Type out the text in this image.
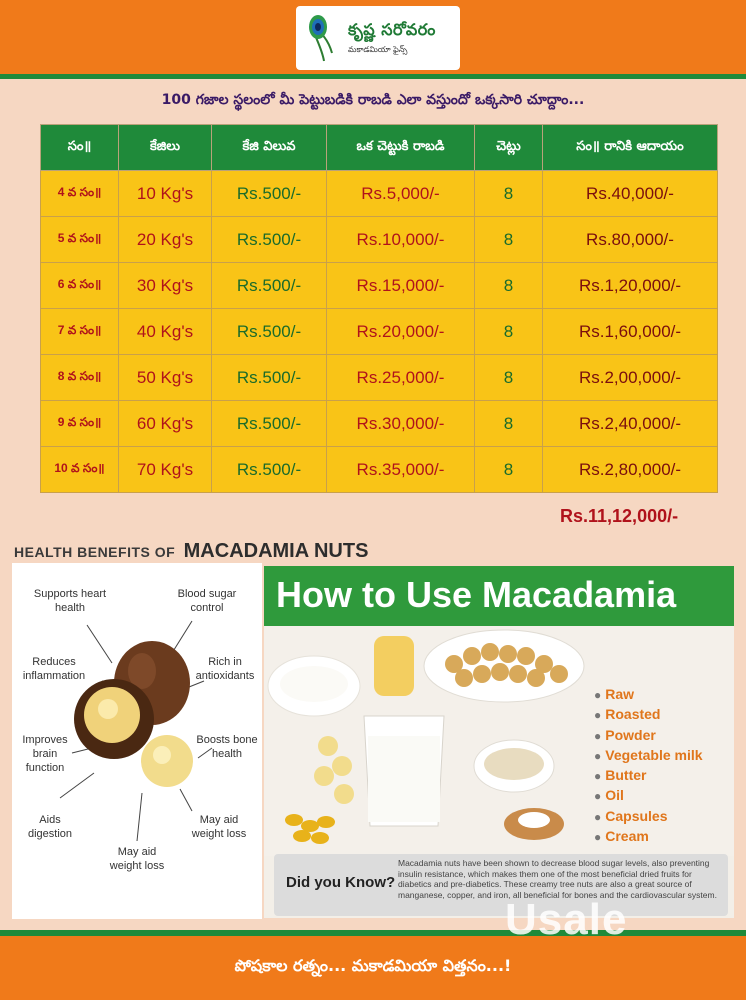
కృష్ణ సరోవరం
మకాడమియా ఫైన్స్
100 గజాల స్థలంలో మీ పెట్టుబడికి రాబడి ఎలా వస్తుందో ఒక్కసారి చూద్దాం...
సం॥	కేజిలు	కేజి విలువ	ఒక చెట్టుకి రాబడి	చెట్లు	సం॥ రానికి ఆదాయం
4 వ సం॥	10 Kg's	Rs.500/-	Rs.5,000/-	8	Rs.40,000/-
5 వ సం॥	20 Kg's	Rs.500/-	Rs.10,000/-	8	Rs.80,000/-
6 వ సం॥	30 Kg's	Rs.500/-	Rs.15,000/-	8	Rs.1,20,000/-
7 వ సం॥	40 Kg's	Rs.500/-	Rs.20,000/-	8	Rs.1,60,000/-
8 వ సం॥	50 Kg's	Rs.500/-	Rs.25,000/-	8	Rs.2,00,000/-
9 వ సం॥	60 Kg's	Rs.500/-	Rs.30,000/-	8	Rs.2,40,000/-
10 వ సం॥	70 Kg's	Rs.500/-	Rs.35,000/-	8	Rs.2,80,000/-
Rs.11,12,000/-
HEALTH BENEFITS OF MACADAMIA NUTS
Supports heart health
Blood sugar control
Reduces inflammation
Rich in antioxidants
Improves brain function
Boosts bone health
Aids digestion
May aid weight loss
May aid weight loss
How to Use Macadamia
● Raw
● Roasted
● Powder
● Vegetable milk
● Butter
● Oil
● Capsules
● Cream
Did you Know?
Macadamia nuts have been shown to decrease blood sugar levels, also preventing insulin resistance, which makes them one of the most beneficial dried fruits for diabetics and pre-diabetics. These creamy tree nuts are also a great source of manganese, copper, and iron, all beneficial for bones and the cardiovascular system.
పోషకాల రత్నం... మకాడమియా విత్తనం...!
Usale
